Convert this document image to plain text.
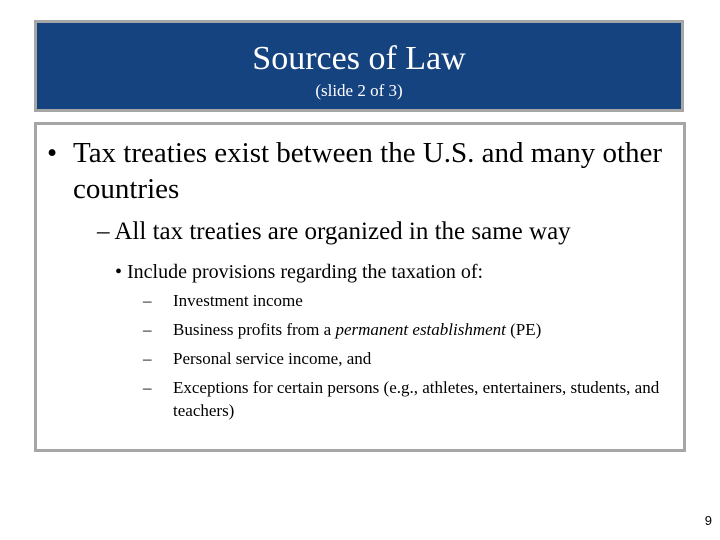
Sources of Law
(slide 2 of 3)
• Tax treaties exist between the U.S. and many other countries
– All tax treaties are organized in the same way
• Include provisions regarding the taxation of:
– Investment income
– Business profits from a permanent establishment (PE)
– Personal service income, and
– Exceptions for certain persons (e.g., athletes, entertainers, students, and teachers)
9
